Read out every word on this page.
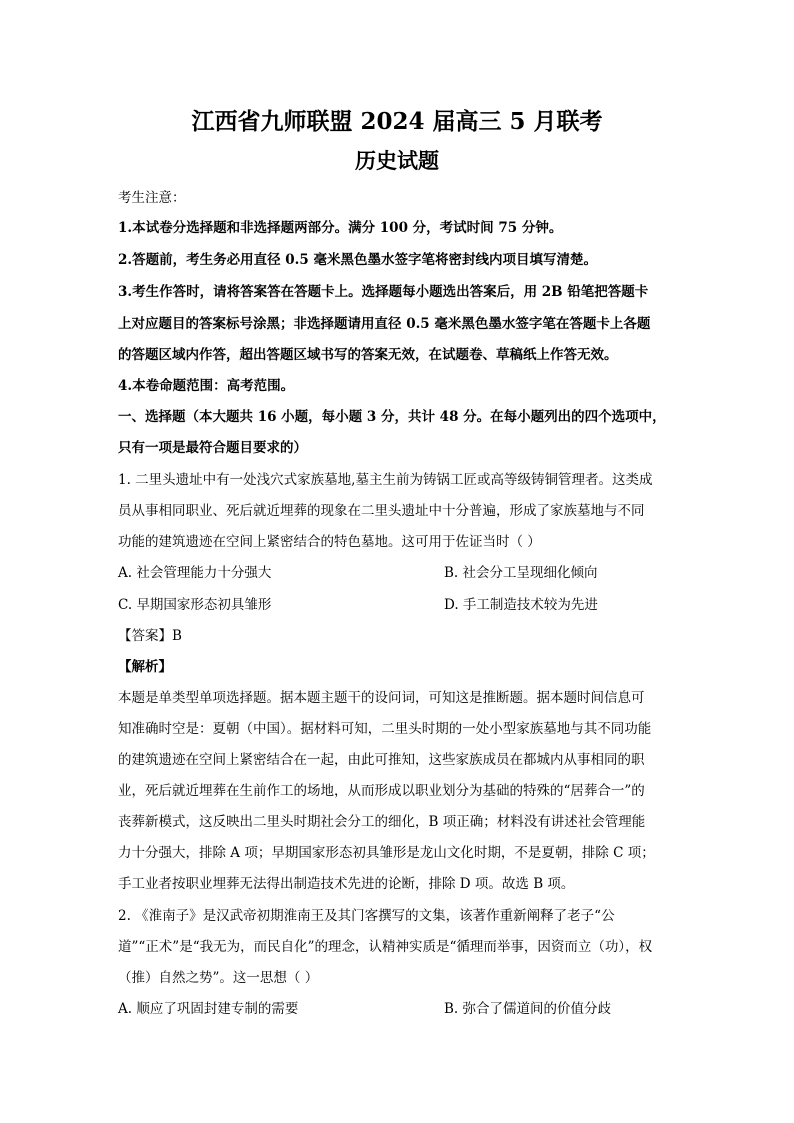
江西省九师联盟 2024 届高三 5 月联考
历史试题
考生注意：
1.本试卷分选择题和非选择题两部分。满分 100 分，考试时间 75 分钟。
2.答题前，考生务必用直径 0.5 毫米黑色墨水签字笔将密封线内项目填写清楚。
3.考生作答时，请将答案答在答题卡上。选择题每小题选出答案后，用 2B 铅笔把答题卡
上对应题目的答案标号涂黑；非选择题请用直径 0.5 毫米黑色墨水签字笔在答题卡上各题
的答题区域内作答，超出答题区域书写的答案无效，在试题卷、草稿纸上作答无效。
4.本卷命题范围：高考范围。
一、选择题（本大题共 16 小题，每小题 3 分，共计 48 分。在每小题列出的四个选项中，
只有一项是最符合题目要求的）
1. 二里头遗址中有一处浅穴式家族墓地,墓主生前为铸锅工匠或高等级铸铜管理者。这类成
员从事相同职业、死后就近埋葬的现象在二里头遗址中十分普遍，形成了家族墓地与不同
功能的建筑遗迹在空间上紧密结合的特色墓地。这可用于佐证当时（ ）
A. 社会管理能力十分强大	B. 社会分工呈现细化倾向
C. 早期国家形态初具雏形	D. 手工制造技术较为先进
【答案】B
【解析】
本题是单类型单项选择题。据本题主题干的设问词，可知这是推断题。据本题时间信息可
知准确时空是：夏朝（中国）。据材料可知，二里头时期的一处小型家族墓地与其不同功能
的建筑遗迹在空间上紧密结合在一起，由此可推知，这些家族成员在都城内从事相同的职
业，死后就近埋葬在生前作工的场地，从而形成以职业划分为基础的特殊的“居葬合一”的
丧葬新模式，这反映出二里头时期社会分工的细化，B 项正确；材料没有讲述社会管理能
力十分强大，排除 A 项；早期国家形态初具雏形是龙山文化时期，不是夏朝，排除 C 项；
手工业者按职业埋葬无法得出制造技术先进的论断，排除 D 项。故选 B 项。
2. 《淮南子》是汉武帝初期淮南王及其门客撰写的文集，该著作重新阐释了老子“公
道”“正术”是“我无为，而民自化”的理念，认精神实质是“循理而举事，因资而立（功），权
（推）自然之势”。这一思想（ ）
A. 顺应了巩固封建专制的需要	B. 弥合了儒道间的价值分歧
